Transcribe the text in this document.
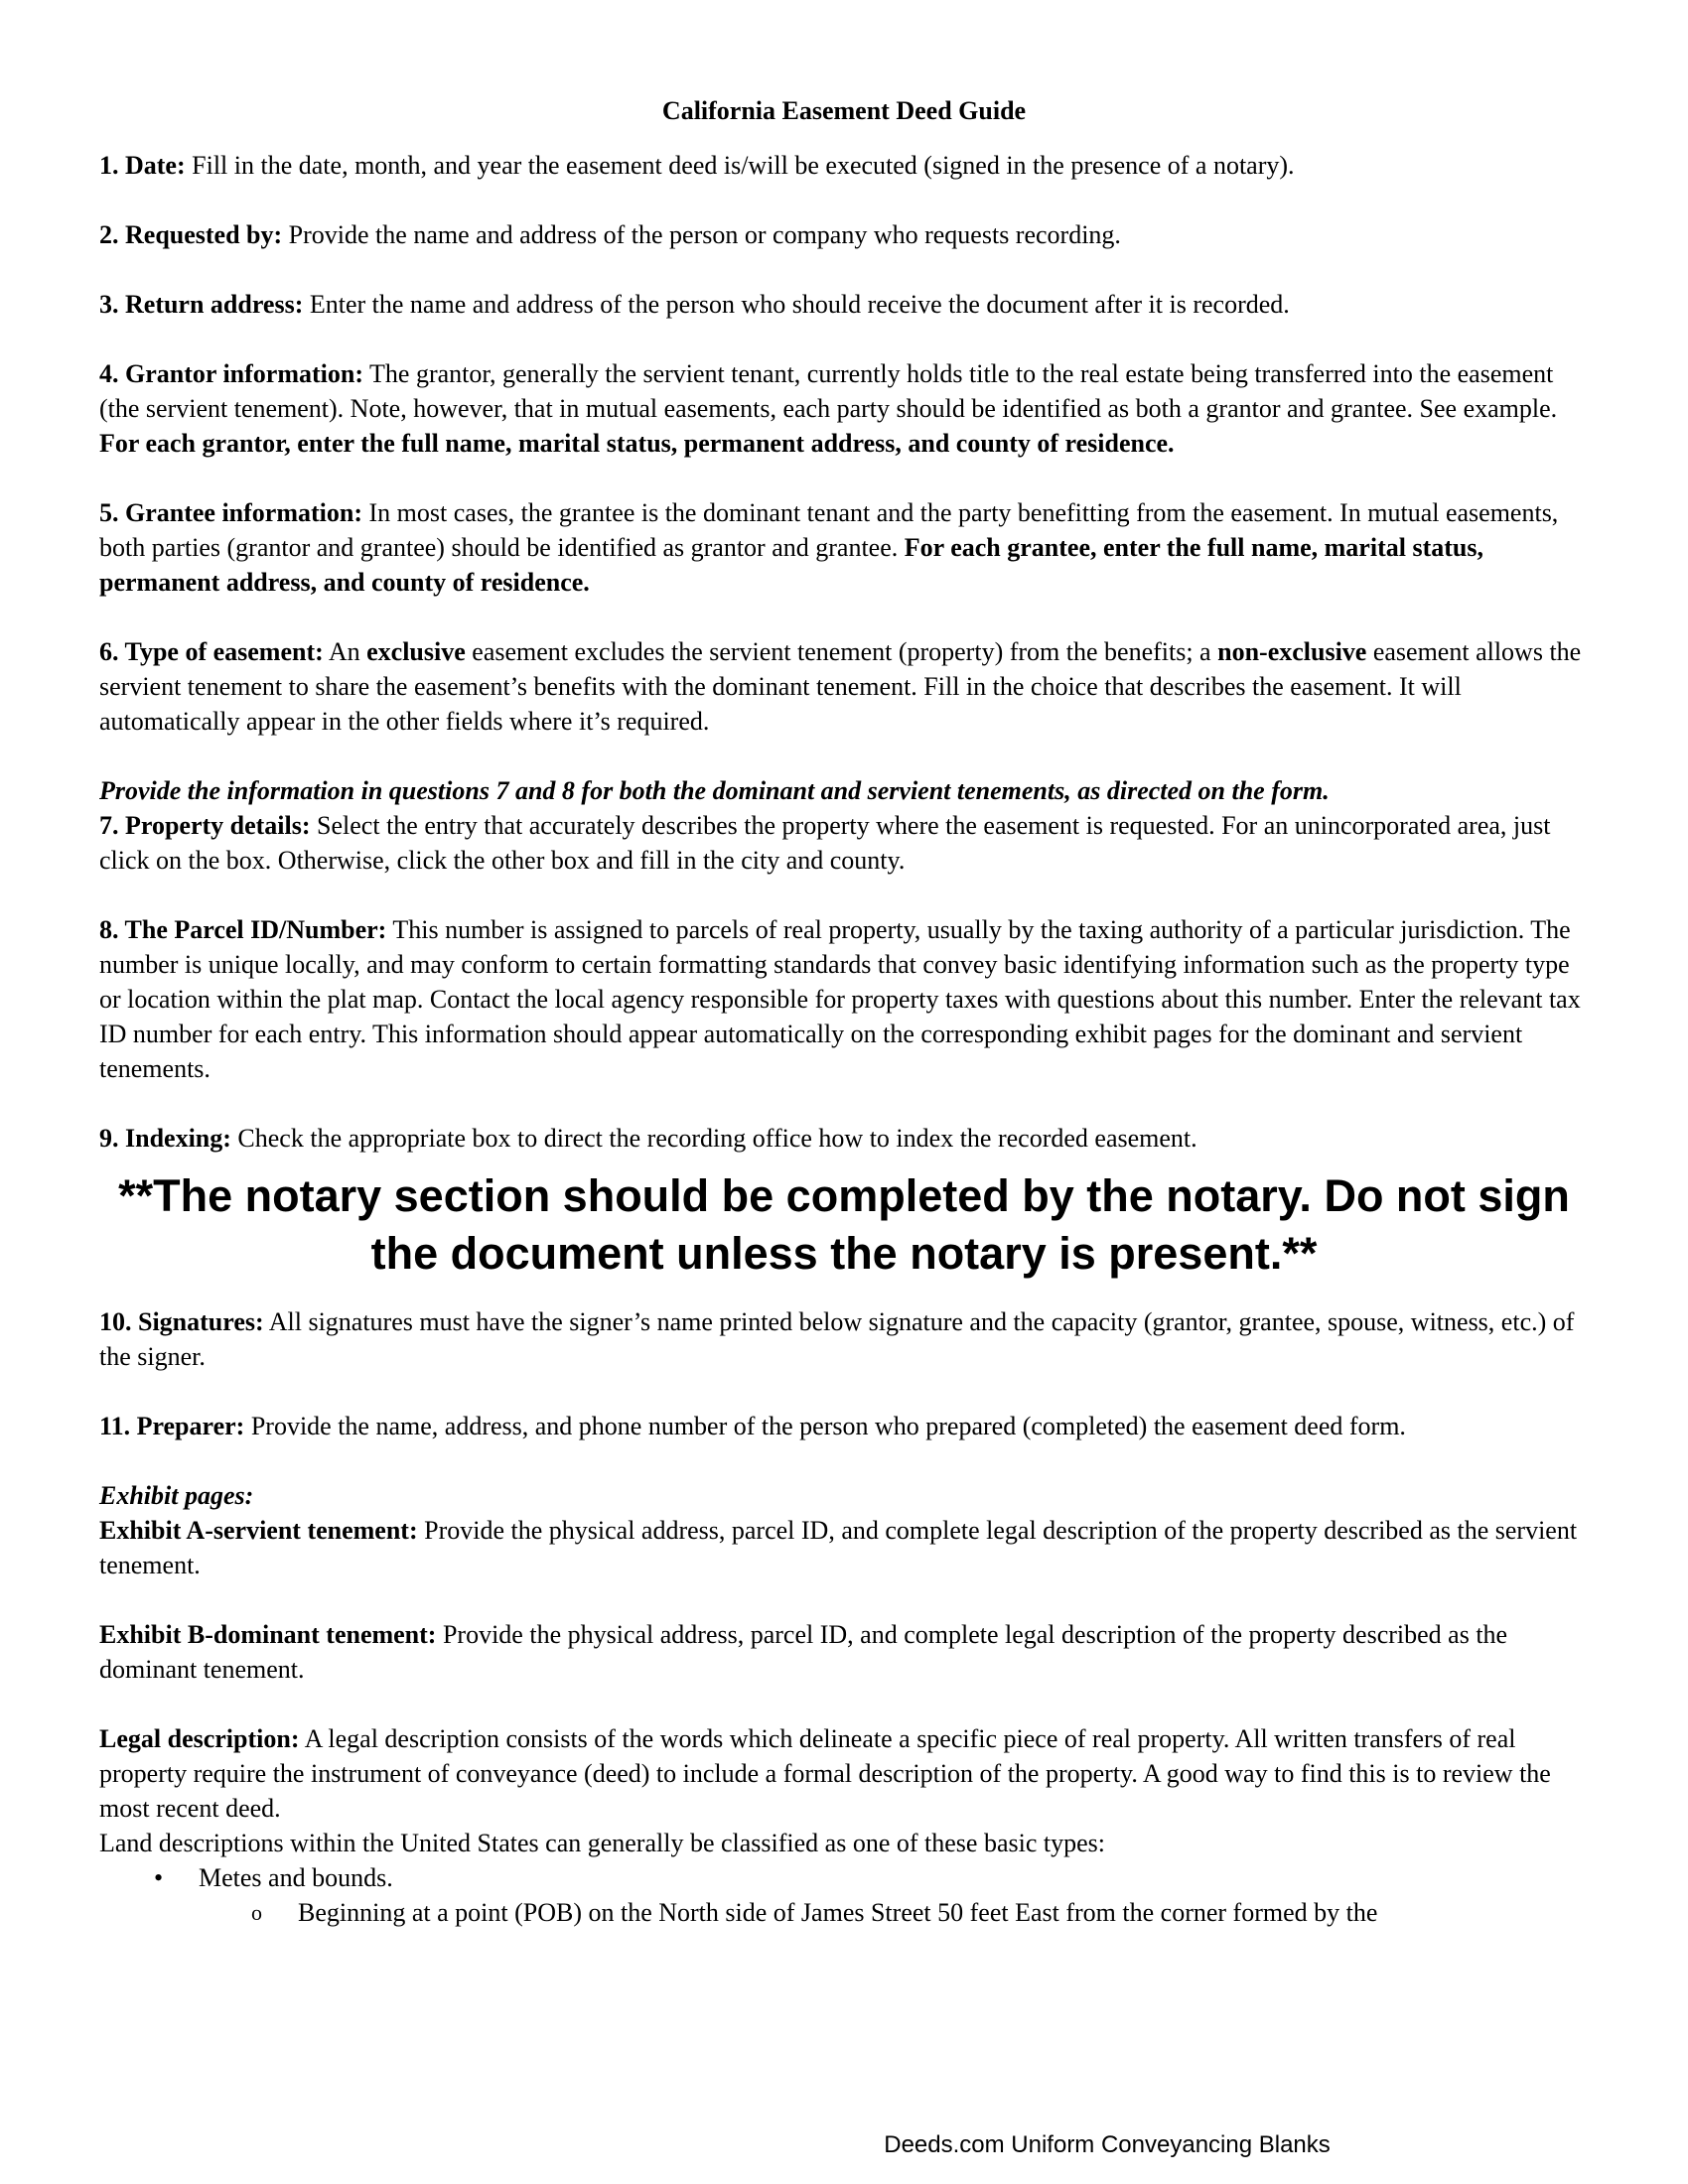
California Easement Deed Guide

1. Date: Fill in the date, month, and year the easement deed is/will be executed (signed in the presence of a notary).

2. Requested by: Provide the name and address of the person or company who requests recording.

3. Return address: Enter the name and address of the person who should receive the document after it is recorded.

4. Grantor information: The grantor, generally the servient tenant, currently holds title to the real estate being transferred into the easement (the servient tenement). Note, however, that in mutual easements, each party should be identified as both a grantor and grantee. See example. For each grantor, enter the full name, marital status, permanent address, and county of residence.

5. Grantee information: In most cases, the grantee is the dominant tenant and the party benefitting from the easement. In mutual easements, both parties (grantor and grantee) should be identified as grantor and grantee. For each grantee, enter the full name, marital status, permanent address, and county of residence.

6. Type of easement: An exclusive easement excludes the servient tenement (property) from the benefits; a non-exclusive easement allows the servient tenement to share the easement’s benefits with the dominant tenement. Fill in the choice that describes the easement. It will automatically appear in the other fields where it’s required.

Provide the information in questions 7 and 8 for both the dominant and servient tenements, as directed on the form.
7. Property details: Select the entry that accurately describes the property where the easement is requested. For an unincorporated area, just click on the box. Otherwise, click the other box and fill in the city and county.

8. The Parcel ID/Number: This number is assigned to parcels of real property, usually by the taxing authority of a particular jurisdiction. The number is unique locally, and may conform to certain formatting standards that convey basic identifying information such as the property type or location within the plat map. Contact the local agency responsible for property taxes with questions about this number. Enter the relevant tax ID number for each entry. This information should appear automatically on the corresponding exhibit pages for the dominant and servient tenements.

9. Indexing: Check the appropriate box to direct the recording office how to index the recorded easement.

**The notary section should be completed by the notary. Do not sign the document unless the notary is present.**

10. Signatures: All signatures must have the signer’s name printed below signature and the capacity (grantor, grantee, spouse, witness, etc.) of the signer.

11. Preparer: Provide the name, address, and phone number of the person who prepared (completed) the easement deed form.

Exhibit pages:
Exhibit A-servient tenement: Provide the physical address, parcel ID, and complete legal description of the property described as the servient tenement.

Exhibit B-dominant tenement: Provide the physical address, parcel ID, and complete legal description of the property described as the dominant tenement.

Legal description: A legal description consists of the words which delineate a specific piece of real property. All written transfers of real property require the instrument of conveyance (deed) to include a formal description of the property. A good way to find this is to review the most recent deed.
Land descriptions within the United States can generally be classified as one of these basic types:

• Metes and bounds.
o Beginning at a point (POB) on the North side of James Street 50 feet East from the corner formed by the
Deeds.com Uniform Conveyancing Blanks
